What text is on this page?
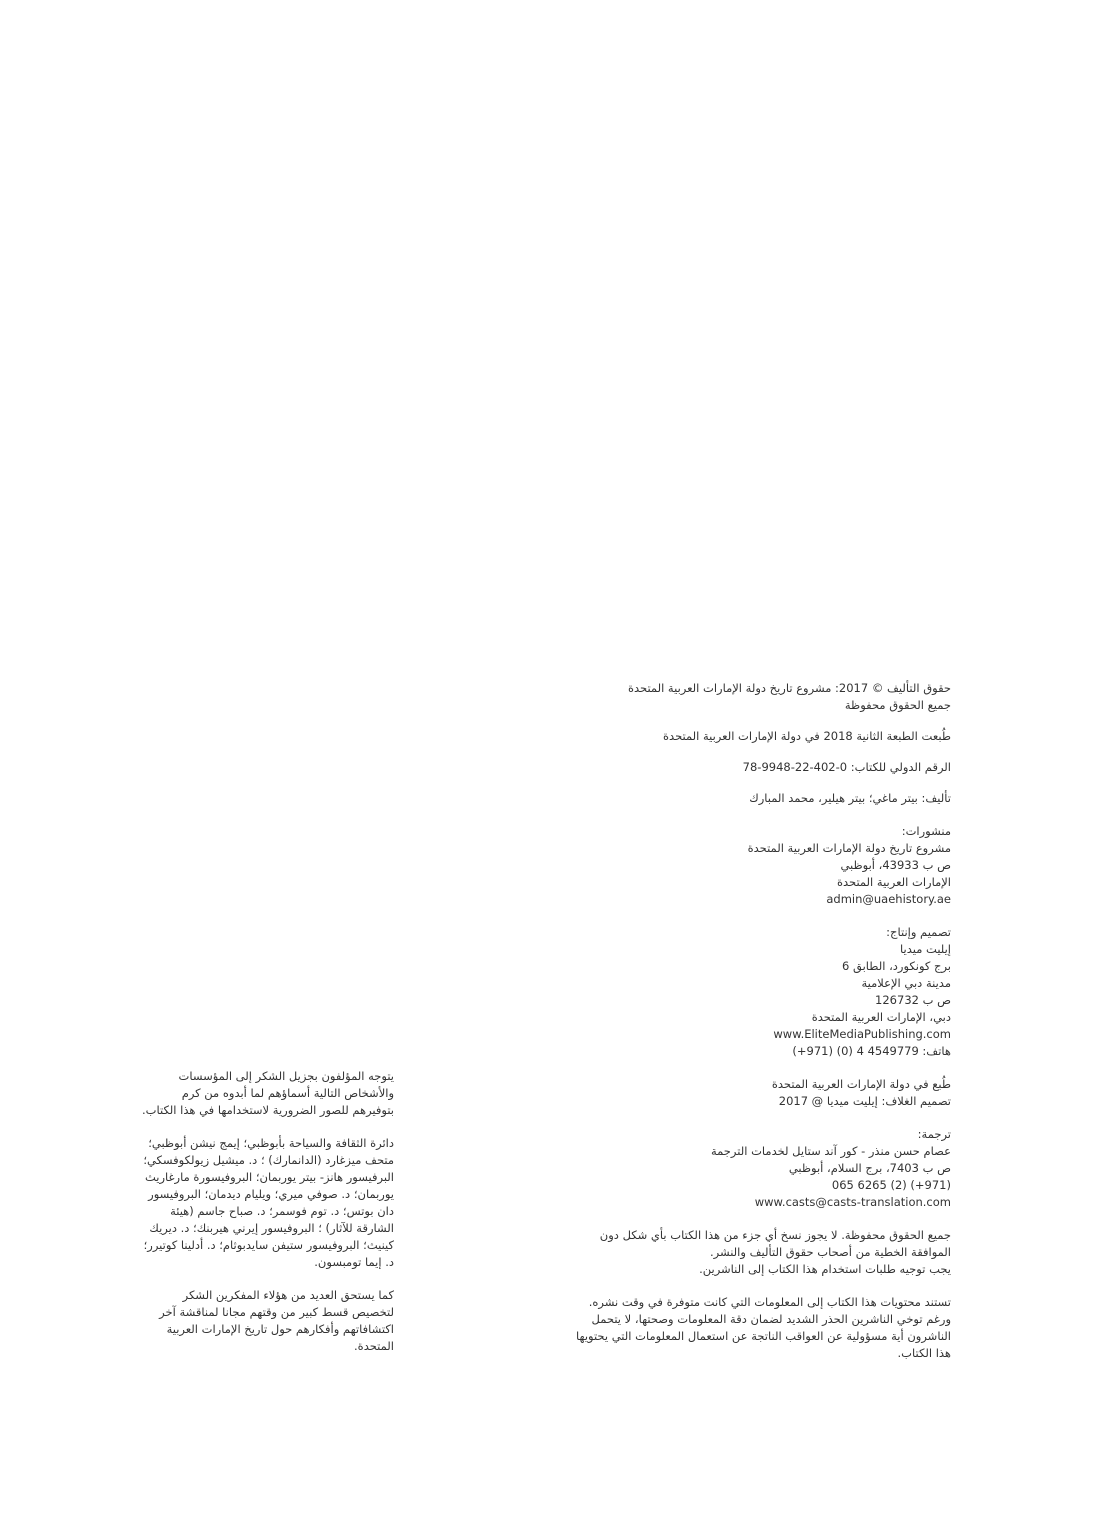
حقوق التأليف © 2017: مشروع تاريخ دولة الإمارات العربية المتحدة
جميع الحقوق محفوظة
طُبعت الطبعة الثانية 2018 في دولة الإمارات العربية المتحدة
الرقم الدولي للكتاب: 0-402-22-9948-78
تأليف: بيتر ماغي؛ بيتر هيلير، محمد المبارك
منشورات:
مشروع تاريخ دولة الإمارات العربية المتحدة
ص ب 43933، أبوظبي
الإمارات العربية المتحدة
admin@uaehistory.ae
تصميم وإنتاج:
إيليت ميديا
برج كونكورد، الطابق 6
مدينة دبي الإعلامية
ص ب 126732
دبي، الإمارات العربية المتحدة
www.EliteMediaPublishing.com
هاتف: 4549779 4 (0) (971+)
طُبع في دولة الإمارات العربية المتحدة
تصميم الغلاف: إيليت ميديا @ 2017
ترجمة:
عصام حسن منذر - كور آند ستايل لخدمات الترجمة
ص ب 7403، برج السلام، أبوظبي
(971+) (2) 6265 065
www.casts@casts-translation.com
جميع الحقوق محفوظة. لا يجوز نسخ أي جزء من هذا الكتاب بأي شكل دون
الموافقة الخطية من أصحاب حقوق التأليف والنشر.
يجب توجيه طلبات استخدام هذا الكتاب إلى الناشرين.
تستند محتويات هذا الكتاب إلى المعلومات التي كانت متوفرة في وقت نشره.
ورغم توخي الناشرين الحذر الشديد لضمان دقة المعلومات وصحتها، لا يتحمل
الناشرون أية مسؤولية عن العواقب الناتجة عن استعمال المعلومات التي يحتويها
هذا الكتاب.
يتوجه المؤلفون بجزيل الشكر إلى المؤسسات
والأشخاص التالية أسماؤهم لما أبدوه من كرم
بتوفيرهم للصور الضرورية لاستخدامها في هذا الكتاب.
دائرة الثقافة والسياحة بأبوظبي؛ إيمج نيشن أبوظبي؛
متحف ميزغارد (الدانمارك) ؛ د. ميشيل زيولكوفسكي؛
البرفيسور هانز- بيتر يوربمان؛ البروفيسورة مارغاريث
يوربمان؛ د. صوفي ميري؛ ويليام ديدمان؛ البروفيسور
دان بوتس؛ د. توم فوسمر؛ د. صباح جاسم (هيئة
الشارقة للآثار) ؛ البروفيسور إيرني هيربنك؛ د. ديريك
كينيث؛ البروفيسور ستيفن سايدبوثام؛ د. أدلينا كوتيرر؛
د. إيما تومبسون.
كما يستحق العديد من هؤلاء المفكرين الشكر
لتخصيص قسط كبير من وقتهم مجانا لمناقشة آخر
اكتشافاتهم وأفكارهم حول تاريخ الإمارات العربية
المتحدة.
